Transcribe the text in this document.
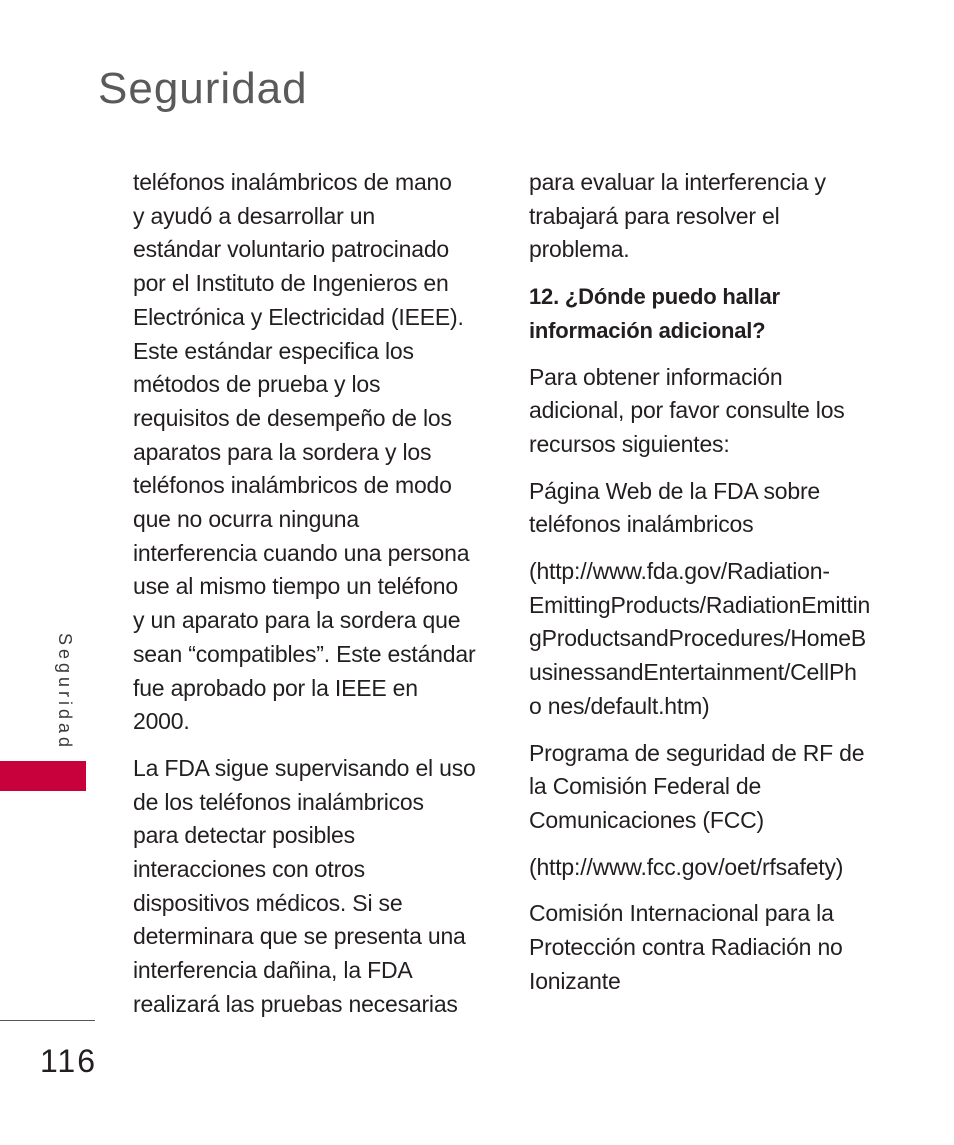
Seguridad
teléfonos inalámbricos de mano
y ayudó a desarrollar un
estándar voluntario patrocinado
por el Instituto de Ingenieros en
Electrónica y Electricidad (IEEE).
Este estándar especifica los
métodos de prueba y los
requisitos de desempeño de los
aparatos para la sordera y los
teléfonos inalámbricos de modo
que no ocurra ninguna
interferencia cuando una persona
use al mismo tiempo un teléfono
y un aparato para la sordera que
sean “compatibles”. Este estándar
fue aprobado por la IEEE en
2000.
La FDA sigue supervisando el uso
de los teléfonos inalámbricos
para detectar posibles
interacciones con otros
dispositivos médicos. Si se
determinara que se presenta una
interferencia dañina, la FDA
realizará las pruebas necesarias
para evaluar la interferencia y
trabajará para resolver el
problema.
12. ¿Dónde puedo hallar
información adicional?
Para obtener información
adicional, por favor consulte los
recursos siguientes:
Página Web de la FDA sobre
teléfonos inalámbricos
(http://www.fda.gov/Radiation-
EmittingProducts/RadiationEmittin
gProductsandProcedures/HomeB
usinessandEntertainment/CellPh
o nes/default.htm)
Programa de seguridad de RF de
la Comisión Federal de
Comunicaciones (FCC)
(http://www.fcc.gov/oet/rfsafety)
Comisión Internacional para la
Protección contra Radiación no
Ionizante
Seguridad
116
